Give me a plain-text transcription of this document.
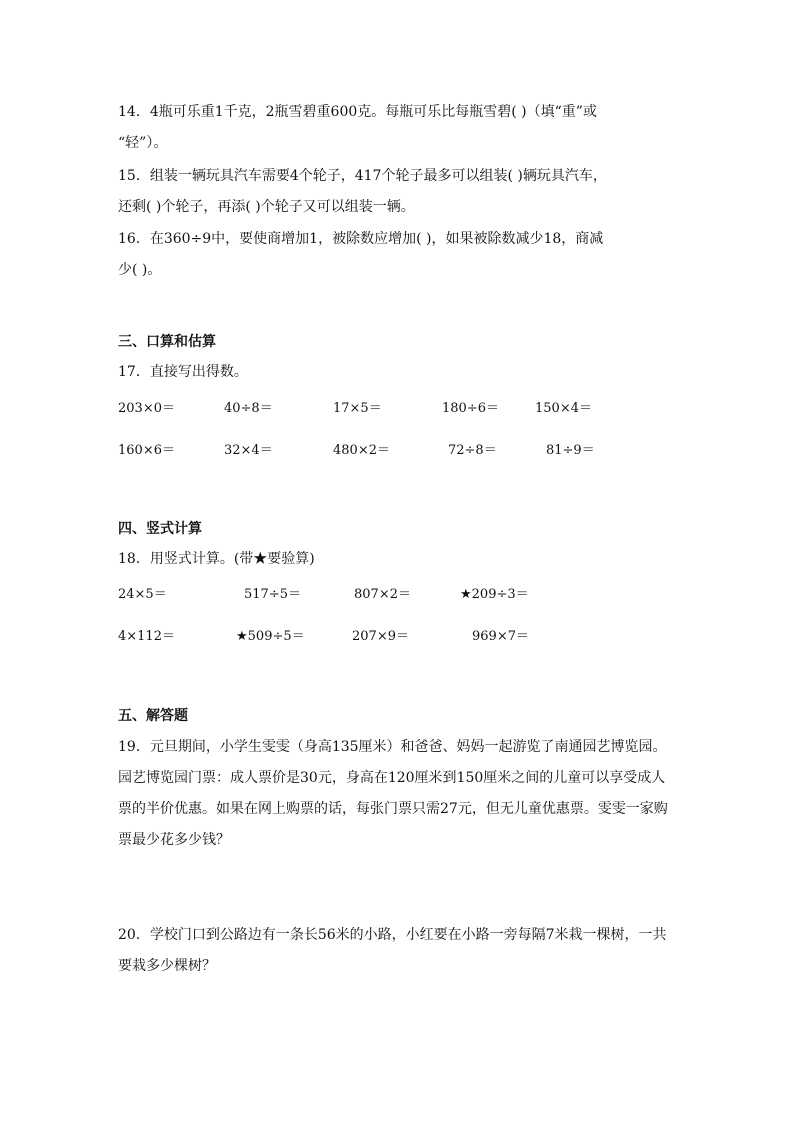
14．4瓶可乐重1千克，2瓶雪碧重600克。每瓶可乐比每瓶雪碧( )（填“重”或
“轻”）。
15．组装一辆玩具汽车需要4个轮子，417个轮子最多可以组装( )辆玩具汽车，
还剩( )个轮子，再添( )个轮子又可以组装一辆。
16．在360÷9中，要使商增加1，被除数应增加( )，如果被除数减少18，商减
少( )。
三、口算和估算
17．直接写出得数。
203×0＝	40÷8＝	17×5＝	180÷6＝	150×4＝
160×6＝	32×4＝	480×2＝	72÷8＝	81÷9＝
四、竖式计算
18．用竖式计算。(带★要验算)
24×5＝	517÷5＝	807×2＝	★209÷3＝
4×112＝	★509÷5＝	207×9＝	969×7＝
五、解答题
19．元旦期间，小学生雯雯（身高135厘米）和爸爸、妈妈一起游览了南通园艺博览园。
园艺博览园门票：成人票价是30元，身高在120厘米到150厘米之间的儿童可以享受成人
票的半价优惠。如果在网上购票的话，每张门票只需27元，但无儿童优惠票。雯雯一家购
票最少花多少钱？
20．学校门口到公路边有一条长56米的小路，小红要在小路一旁每隔7米栽一棵树，一共
要栽多少棵树？
